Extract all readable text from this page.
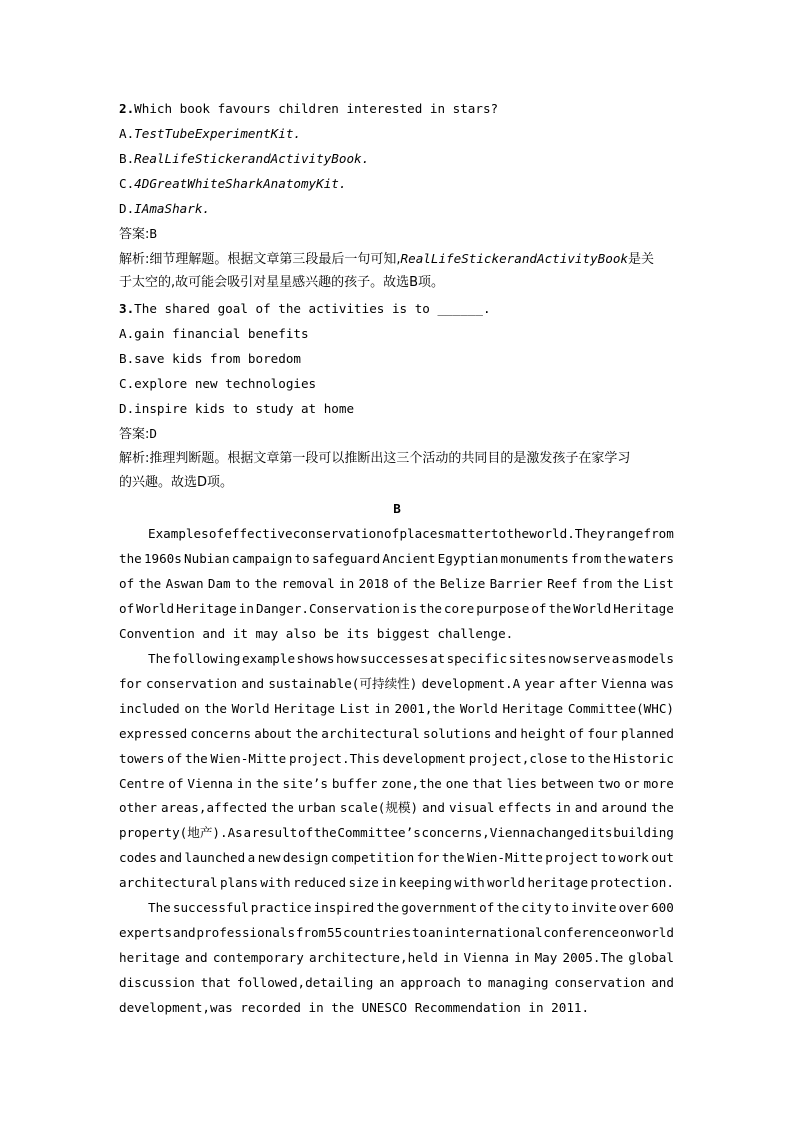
2.Which book favours children interested in stars?
A.TestTubeExperimentKit.
B.RealLifeStickerandActivityBook.
C.4DGreatWhiteSharkAnatomyKit.
D.IAmaShark.
答案:B
解析:细节理解题。根据文章第三段最后一句可知,RealLifeStickerandActivityBook是关
于太空的,故可能会吸引对星星感兴趣的孩子。故选B项。
3.The shared goal of the activities is to ______.
A.gain financial benefits
B.save kids from boredom
C.explore new technologies
D.inspire kids to study at home
答案:D
解析:推理判断题。根据文章第一段可以推断出这三个活动的共同目的是激发孩子在家学习
的兴趣。故选D项。
B
Examples of effective conservation of places matter to the world.They range from
the 1960s Nubian campaign to safeguard Ancient Egyptian monuments from the waters
of the Aswan Dam to the removal in 2018 of the Belize Barrier Reef from the List
of World Heritage in Danger.Conservation is the core purpose of the World Heritage
Convention and it may also be its biggest challenge.
The following example shows how successes at specific sites now serve as models
for conservation and sustainable(可持续性) development.A year after Vienna was
included on the World Heritage List in 2001,the World Heritage Committee(WHC)
expressed concerns about the architectural solutions and height of four planned
towers of the Wien-Mitte project.This development project,close to the Historic
Centre of Vienna in the site’s buffer zone,the one that lies between two or more
other areas,affected the urban scale(规模) and visual effects in and around the
property(地产).As a result of the Committee’s concerns,Vienna changed its building
codes and launched a new design competition for the Wien-Mitte project to work out
architectural plans with reduced size in keeping with world heritage protection.
The successful practice inspired the government of the city to invite over 600
experts and professionals from 55 countries to an international conference on world
heritage and contemporary architecture,held in Vienna in May 2005.The global
discussion that followed,detailing an approach to managing conservation and
development,was recorded in the UNESCO Recommendation in 2011.
